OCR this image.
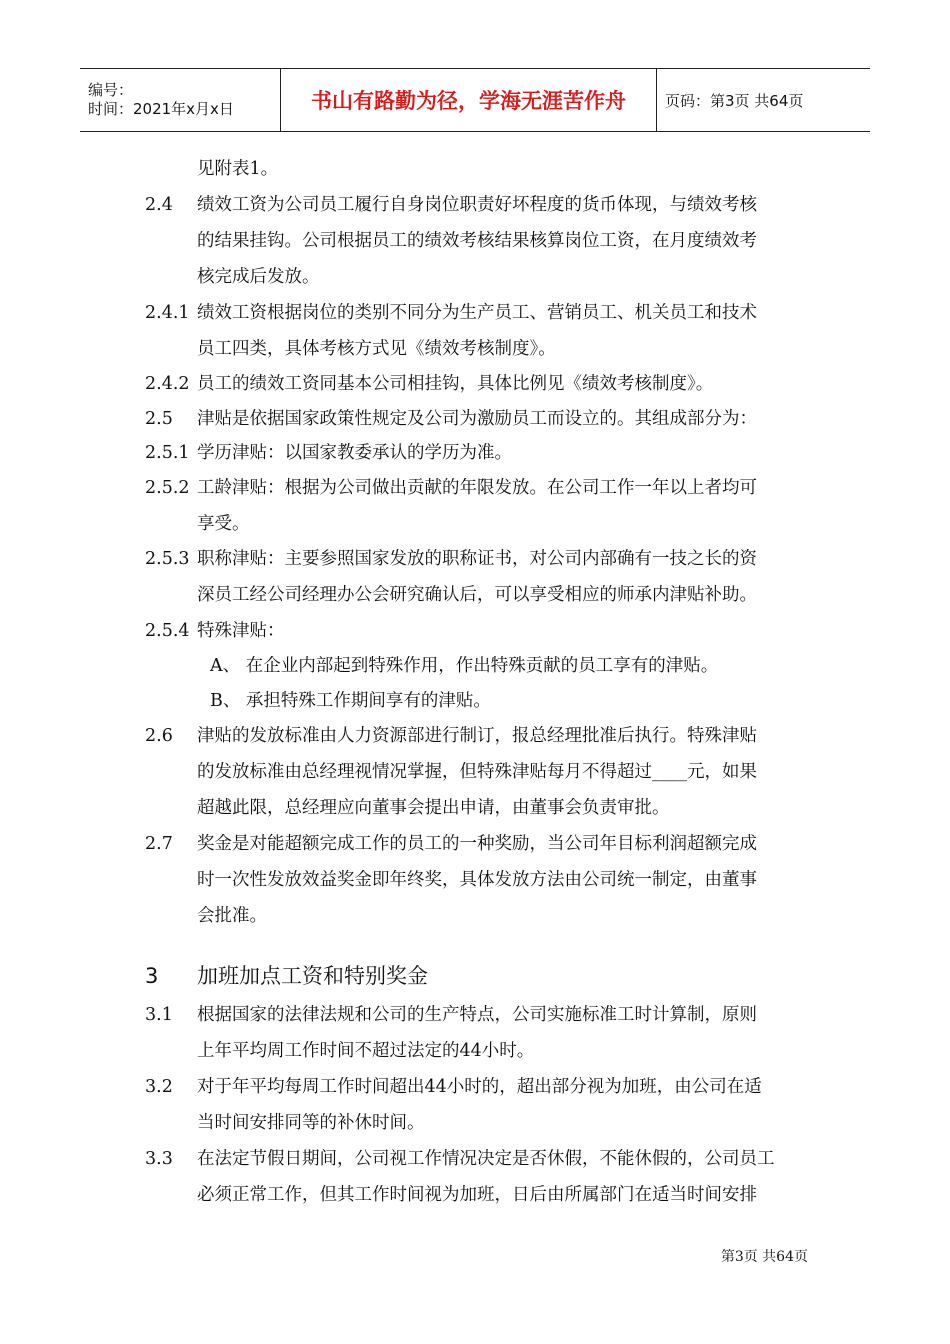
编号：
时间：2021年x月x日	书山有路勤为径，学海无涯苦作舟	页码：第3页 共64页
见附表1。
2.4 绩效工资为公司员工履行自身岗位职责好坏程度的货币体现，与绩效考核
的结果挂钩。公司根据员工的绩效考核结果核算岗位工资，在月度绩效考
核完成后发放。
2.4.1 绩效工资根据岗位的类别不同分为生产员工、营销员工、机关员工和技术
员工四类，具体考核方式见《绩效考核制度》。
2.4.2 员工的绩效工资同基本公司相挂钩，具体比例见《绩效考核制度》。
2.5 津贴是依据国家政策性规定及公司为激励员工而设立的。其组成部分为：
2.5.1 学历津贴：以国家教委承认的学历为准。
2.5.2 工龄津贴：根据为公司做出贡献的年限发放。在公司工作一年以上者均可
享受。
2.5.3 职称津贴：主要参照国家发放的职称证书，对公司内部确有一技之长的资
深员工经公司经理办公会研究确认后，可以享受相应的师承内津贴补助。
2.5.4 特殊津贴：
A、 在企业内部起到特殊作用，作出特殊贡献的员工享有的津贴。
B、 承担特殊工作期间享有的津贴。
2.6 津贴的发放标准由人力资源部进行制订，报总经理批准后执行。特殊津贴
的发放标准由总经理视情况掌握，但特殊津贴每月不得超过____元，如果
超越此限，总经理应向董事会提出申请，由董事会负责审批。
2.7 奖金是对能超额完成工作的员工的一种奖励，当公司年目标利润超额完成
时一次性发放效益奖金即年终奖，具体发放方法由公司统一制定，由董事
会批准。
3 加班加点工资和特别奖金
3.1 根据国家的法律法规和公司的生产特点，公司实施标准工时计算制，原则
上年平均周工作时间不超过法定的44小时。
3.2 对于年平均每周工作时间超出44小时的，超出部分视为加班，由公司在适
当时间安排同等的补休时间。
3.3 在法定节假日期间，公司视工作情况决定是否休假，不能休假的，公司员工
必须正常工作，但其工作时间视为加班，日后由所属部门在适当时间安排
第3页 共64页
